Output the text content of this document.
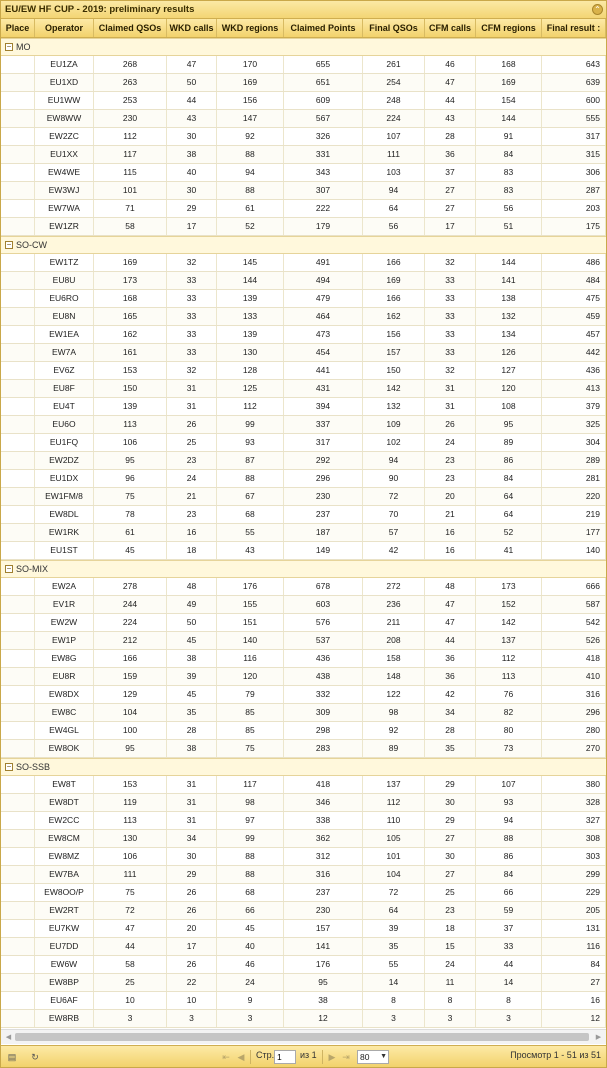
EU/EW HF CUP - 2019: preliminary results	⌃
Place	Operator	Claimed QSOs WKD calls WKD regions	Claimed Points	Final QSOs	CFM calls	CFM regions	Final result :
− MO
EU1ZA	268	47	170	655	261	46	168	643
EU1XD	263	50	169	651	254	47	169	639
EU1WW	253	44	156	609	248	44	154	600
EW8WW	230	43	147	567	224	43	144	555
EW2ZC	112	30	92	326	107	28	91	317
EU1XX	117	38	88	331	111	36	84	315
EW4WE	115	40	94	343	103	37	83	306
EW3WJ	101	30	88	307	94	27	83	287
EW7WA	71	29	61	222	64	27	56	203
EW1ZR	58	17	52	179	56	17	51	175
− SO-CW
EW1TZ	169	32	145	491	166	32	144	486
EU8U	173	33	144	494	169	33	141	484
EU6RO	168	33	139	479	166	33	138	475
EU8N	165	33	133	464	162	33	132	459
EW1EA	162	33	139	473	156	33	134	457
EW7A	161	33	130	454	157	33	126	442
EV6Z	153	32	128	441	150	32	127	436
EU8F	150	31	125	431	142	31	120	413
EU4T	139	31	112	394	132	31	108	379
EU6O	113	26	99	337	109	26	95	325
EU1FQ	106	25	93	317	102	24	89	304
EW2DZ	95	23	87	292	94	23	86	289
EU1DX	96	24	88	296	90	23	84	281
EW1FM/8	75	21	67	230	72	20	64	220
EW8DL	78	23	68	237	70	21	64	219
EW1RK	61	16	55	187	57	16	52	177
EU1ST	45	18	43	149	42	16	41	140
− SO-MIX
EW2A	278	48	176	678	272	48	173	666
EV1R	244	49	155	603	236	47	152	587
EW2W	224	50	151	576	211	47	142	542
EW1P	212	45	140	537	208	44	137	526
EW8G	166	38	116	436	158	36	112	418
EU8R	159	39	120	438	148	36	113	410
EW8DX	129	45	79	332	122	42	76	316
EW8C	104	35	85	309	98	34	82	296
EW4GL	100	28	85	298	92	28	80	280
EW8OK	95	38	75	283	89	35	73	270
− SO-SSB
EW8T	153	31	117	418	137	29	107	380
EW8DT	119	31	98	346	112	30	93	328
EW2CC	113	31	97	338	110	29	94	327
EW8CM	130	34	99	362	105	27	88	308
EW8MZ	106	30	88	312	101	30	86	303
EW7BA	111	29	88	316	104	27	84	299
EW8OO/P	75	26	68	237	72	25	66	229
EW2RT	72	26	66	230	64	23	59	205
EU7KW	47	20	45	157	39	18	37	131
EU7DD	44	17	40	141	35	15	33	116
EW6W	58	26	46	176	55	24	44	84
EW8BP	25	22	24	95	14	11	14	27
EU6AF	10	10	9	38	8	8	8	16
EW8RB	3	3	3	12	3	3	3	12
◀	▶
▤ ↻	⇤ ◀ Стр.
1	из 1 ▶ ⇥	80 ▼	Просмотр 1 - 51 из 51
